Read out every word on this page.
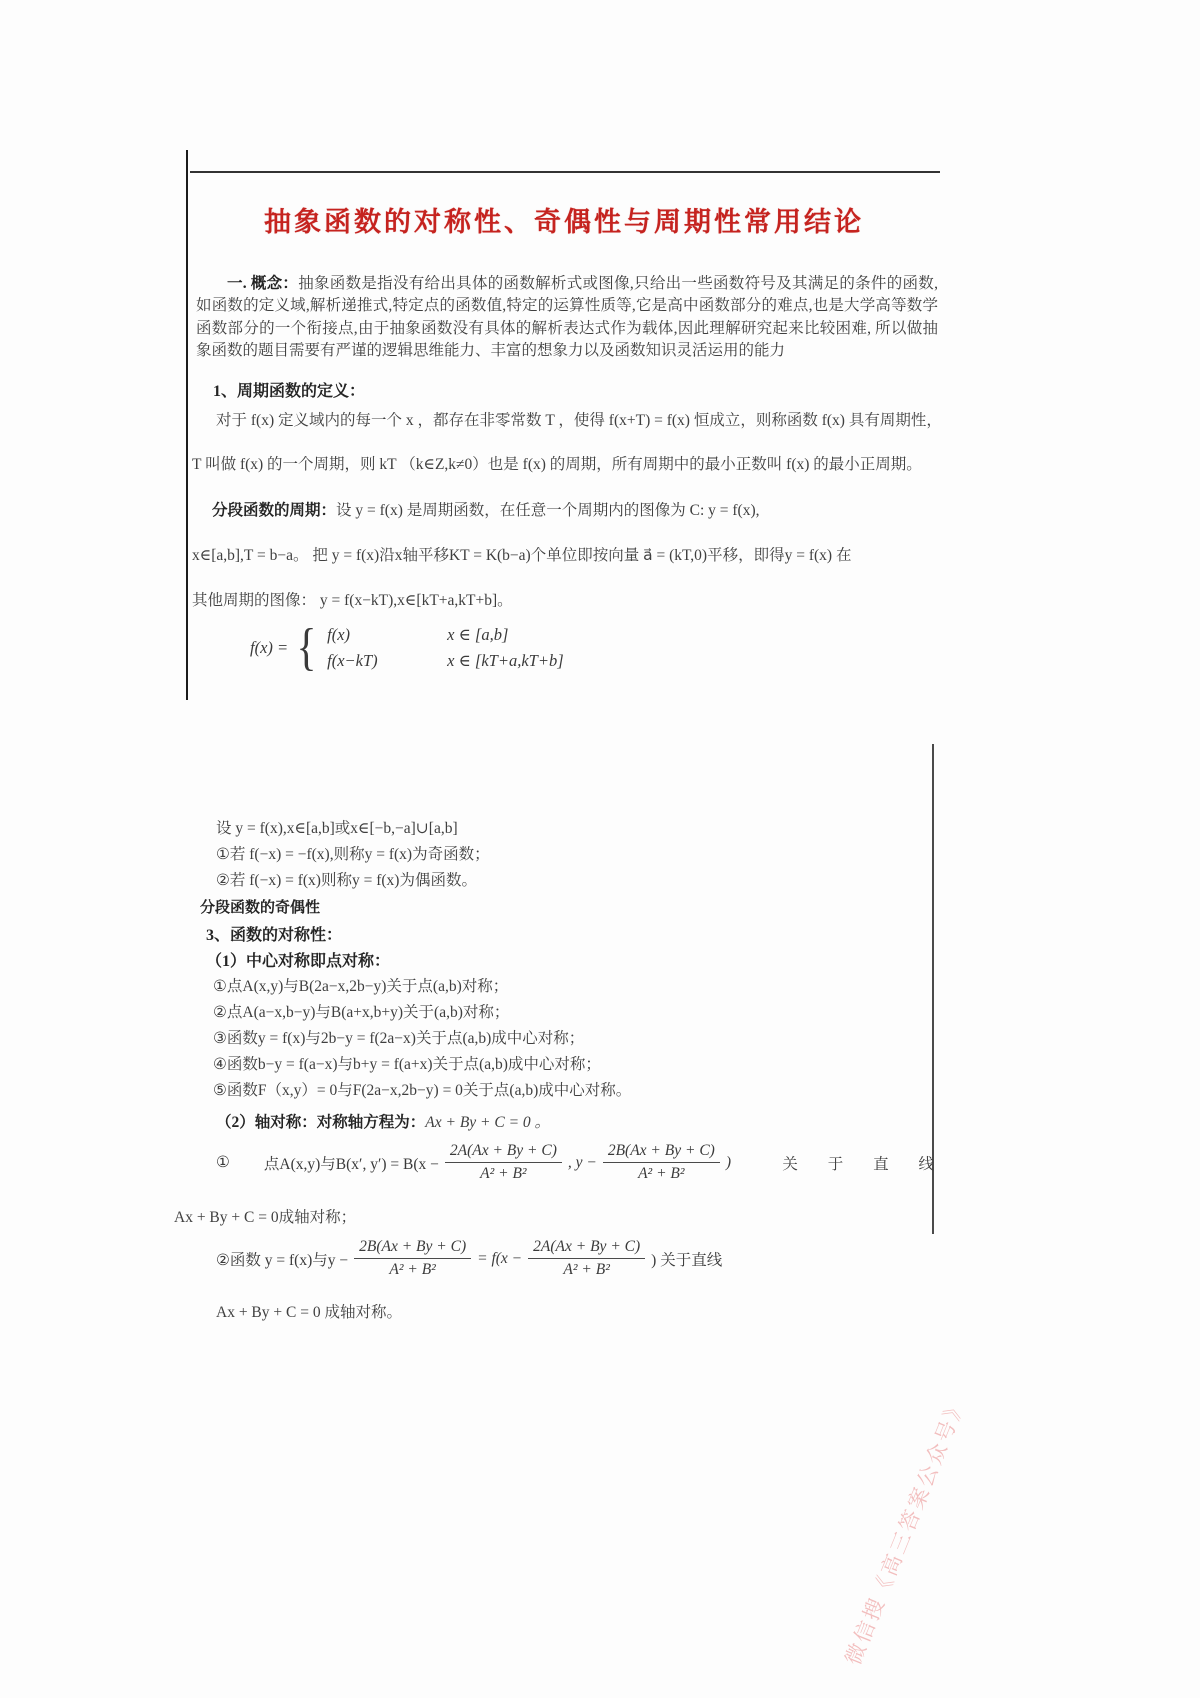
抽象函数的对称性、奇偶性与周期性常用结论

一. 概念：抽象函数是指没有给出具体的函数解析式或图像,只给出一些函数符号及其满足的条件的函数,如函数的定义域,解析递推式,特定点的函数值,特定的运算性质等,它是高中函数部分的难点,也是大学高等数学函数部分的一个衔接点,由于抽象函数没有具体的解析表达式作为载体,因此理解研究起来比较困难, 所以做抽象函数的题目需要有严谨的逻辑思维能力、丰富的想象力以及函数知识灵活运用的能力

1、周期函数的定义：
对于 f(x) 定义域内的每一个 x ，都存在非零常数 T ，使得 f(x+T) = f(x) 恒成立，则称函数 f(x) 具有周期性，
T 叫做 f(x) 的一个周期，则 kT （k∈Z,k≠0）也是 f(x) 的周期，所有周期中的最小正数叫 f(x) 的最小正周期。
分段函数的周期：设 y = f(x) 是周期函数，在任意一个周期内的图像为 C: y = f(x),
x∈[a,b],T = b−a。 把 y = f(x)沿x轴平移KT = K(b−a)个单位即按向量 a⃗ = (kT,0)平移，即得y = f(x) 在
其他周期的图像： y = f(x−kT),x∈[kT+a,kT+b]。
f(x) = { f(x)	x ∈ [a,b]
f(x−kT)	x ∈ [kT+a,kT+b]
设 y = f(x),x∈[a,b]或x∈[−b,−a]∪[a,b]
①若 f(−x) = −f(x),则称y = f(x)为奇函数；
②若 f(−x) = f(x)则称y = f(x)为偶函数。
分段函数的奇偶性
3、函数的对称性：
（1）中心对称即点对称：
①点A(x,y)与B(2a−x,2b−y)关于点(a,b)对称；
②点A(a−x,b−y)与B(a+x,b+y)关于(a,b)对称；
③函数y = f(x)与2b−y = f(2a−x)关于点(a,b)成中心对称；
④函数b−y = f(a−x)与b+y = f(a+x)关于点(a,b)成中心对称；
⑤函数F（x,y）= 0与F(2a−x,2b−y) = 0关于点(a,b)成中心对称。
（2）轴对称：对称轴方程为：Ax + By + C = 0 。
① 点A(x,y)与B(x′, $y') = B(x - \frac{2A(Ax + By + C)}{\text{A² + B²}}$ , $y - \frac{2B(Ax + By + C)}{\text{A² + B²}}$ )	关 于 直 线
Ax + By + C = 0成轴对称；
②函数 y = f(x)与$y - \frac{2B(Ax + By + C)}{\text{A² + B²}} = f(x - \frac{2A(Ax + By + C)}{\text{A² + B²}}$ ) 关于直线
Ax + By + C = 0 成轴对称。
微信搜《高三答案公众号》
